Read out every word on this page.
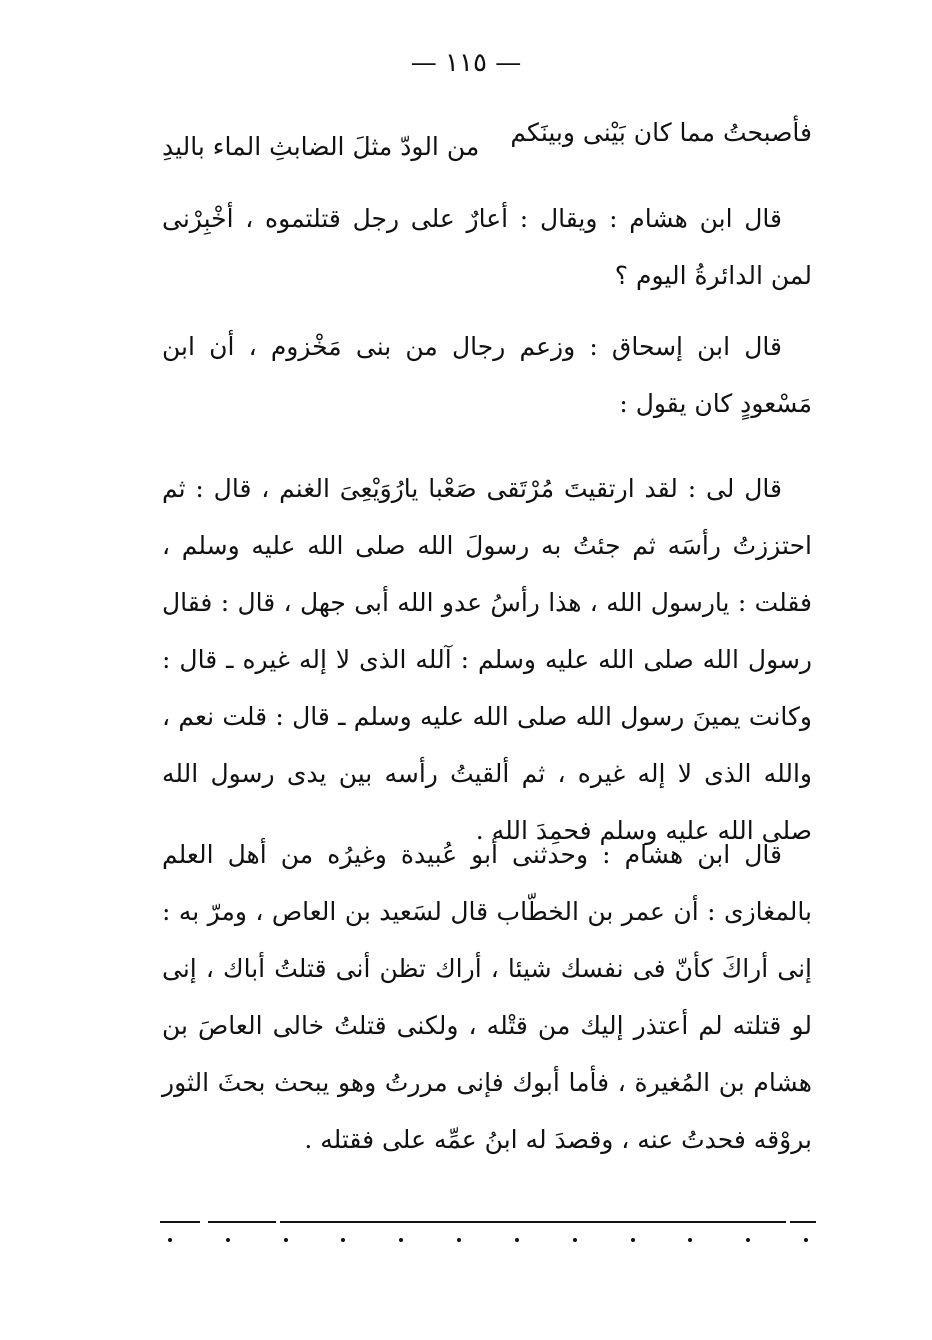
— ١١٥ —
فأصبحتُ مما كان بَيْنى وبينَكم
من الودّ مثلَ الضابثِ الماء باليدِ

قال ابن هشام : ويقال : أعارٌ على رجل قتلتموه ، أخْبِرْنى لمن الدائرةُ اليوم ؟

قال ابن إسحاق : وزعم رجال من بنى مَخْزوم ، أن ابن مَسْعودٍ كان يقول :

قال لى : لقد ارتقيتَ مُرْتَقى صَعْبا يارُوَيْعِىَ الغنم ، قال : ثم احتززتُ رأسَه ثم جئتُ به رسولَ الله صلى الله عليه وسلم ، فقلت : يارسول الله ، هذا رأسُ عدو الله أبى جهل ، قال : فقال رسول الله صلى الله عليه وسلم : آلله الذى لا إله غيره ـ قال : وكانت يمينَ رسول الله صلى الله عليه وسلم ـ قال : قلت نعم ، والله الذى لا إله غيره ، ثم ألقيتُ رأسه بين يدى رسول الله صلى الله عليه وسلم فحمِدَ الله .

قال ابن هشام : وحدثنى أبو عُبيدة وغيرُه من أهل العلم بالمغازى : أن عمر بن الخطّاب قال لسَعيد بن العاص ، ومرّ به : إنى أراكَ كأنّ فى نفسك شيئا ، أراك تظن أنى قتلتُ أباك ، إنى لو قتلته لم أعتذر إليك من قتْله ، ولكنى قتلتُ خالى العاصَ بن هشام بن المُغيرة ، فأما أبوك فإنى مررتُ وهو يبحث بحثَ الثور بروْقه فحدتُ عنه ، وقصدَ له ابنُ عمِّه على فقتله .
